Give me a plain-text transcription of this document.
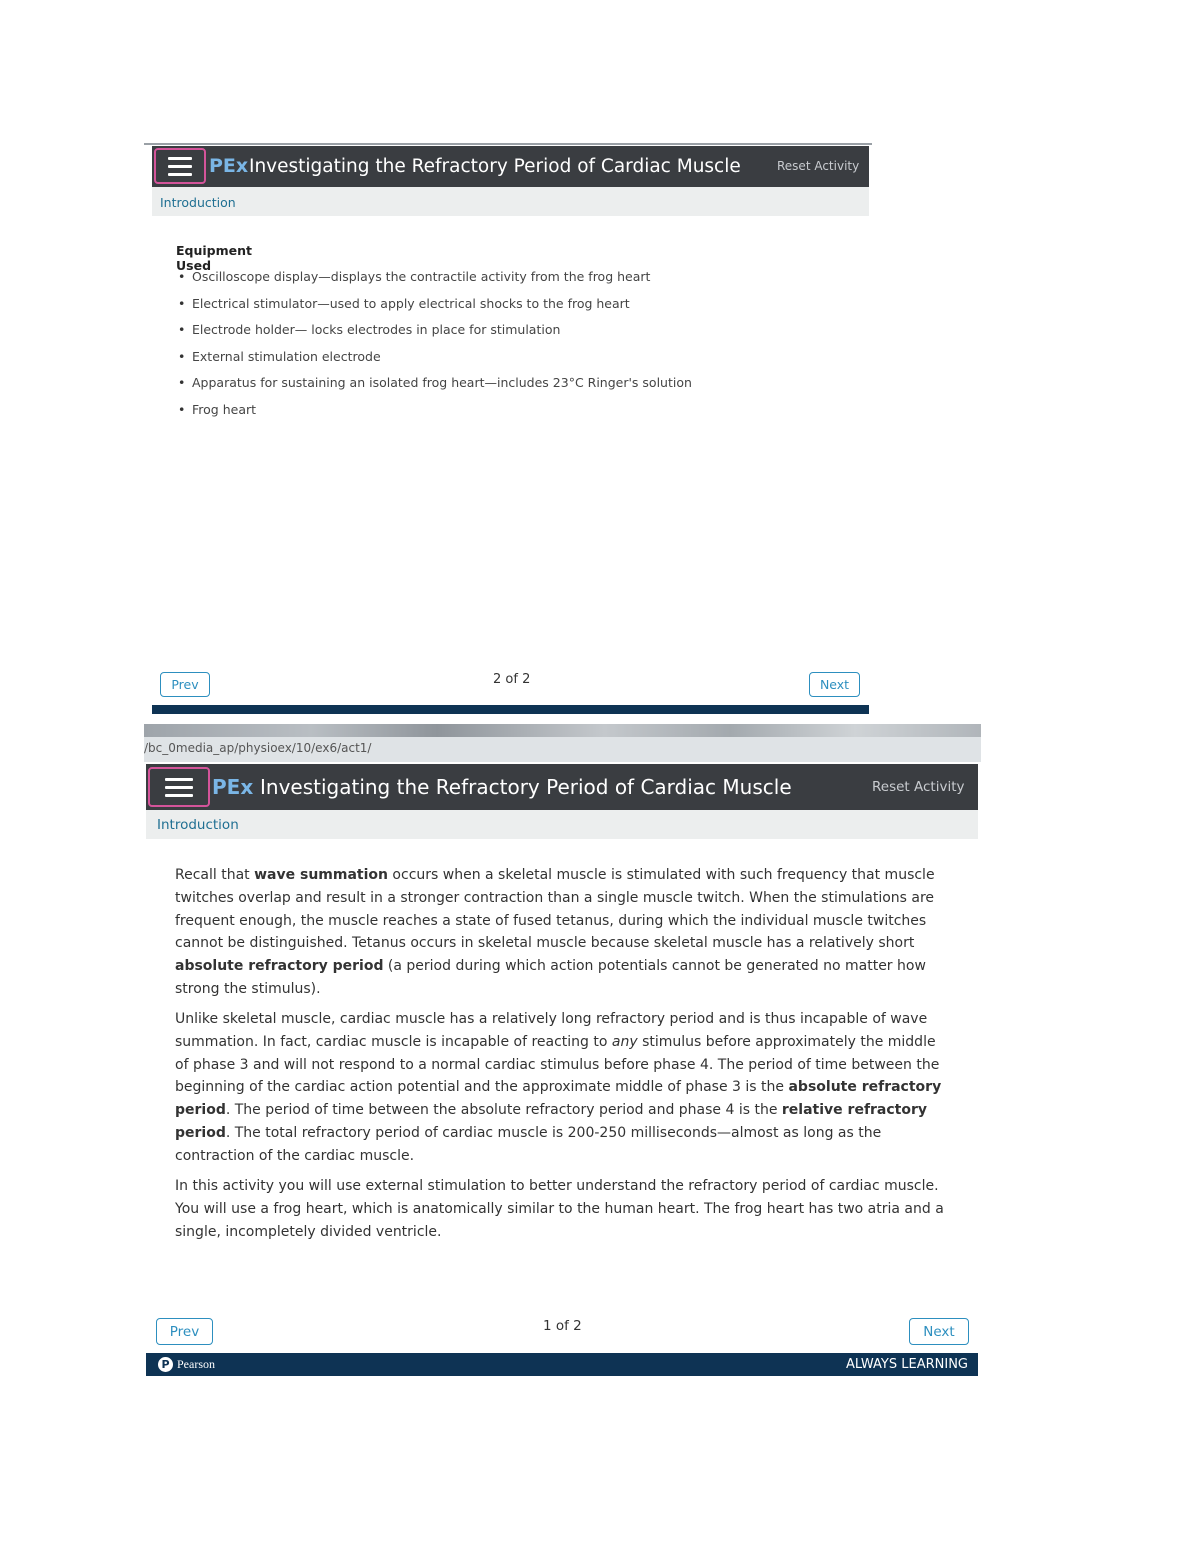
PEx Investigating the Refractory Period of Cardiac Muscle	Reset Activity
Introduction
Equipment Used
• Oscilloscope display—displays the contractile activity from the frog heart
• Electrical stimulator—used to apply electrical shocks to the frog heart
• Electrode holder— locks electrodes in place for stimulation
• External stimulation electrode
• Apparatus for sustaining an isolated frog heart—includes 23°C Ringer's solution
• Frog heart
Prev	2 of 2	Next
/bc_0media_ap/physioex/10/ex6/act1/
PEx Investigating the Refractory Period of Cardiac Muscle	Reset Activity
Introduction

Recall that wave summation occurs when a skeletal muscle is stimulated with such frequency that muscle twitches overlap and result in a stronger contraction than a single muscle twitch. When the stimulations are frequent enough, the muscle reaches a state of fused tetanus, during which the individual muscle twitches cannot be distinguished. Tetanus occurs in skeletal muscle because skeletal muscle has a relatively short absolute refractory period (a period during which action potentials cannot be generated no matter how strong the stimulus).

Unlike skeletal muscle, cardiac muscle has a relatively long refractory period and is thus incapable of wave summation. In fact, cardiac muscle is incapable of reacting to any stimulus before approximately the middle of phase 3 and will not respond to a normal cardiac stimulus before phase 4. The period of time between the beginning of the cardiac action potential and the approximate middle of phase 3 is the absolute refractory period. The period of time between the absolute refractory period and phase 4 is the relative refractory period. The total refractory period of cardiac muscle is 200-250 milliseconds—almost as long as the contraction of the cardiac muscle.

In this activity you will use external stimulation to better understand the refractory period of cardiac muscle. You will use a frog heart, which is anatomically similar to the human heart. The frog heart has two atria and a single, incompletely divided ventricle.

Prev	1 of 2	Next
P Pearson	ALWAYS LEARNING
